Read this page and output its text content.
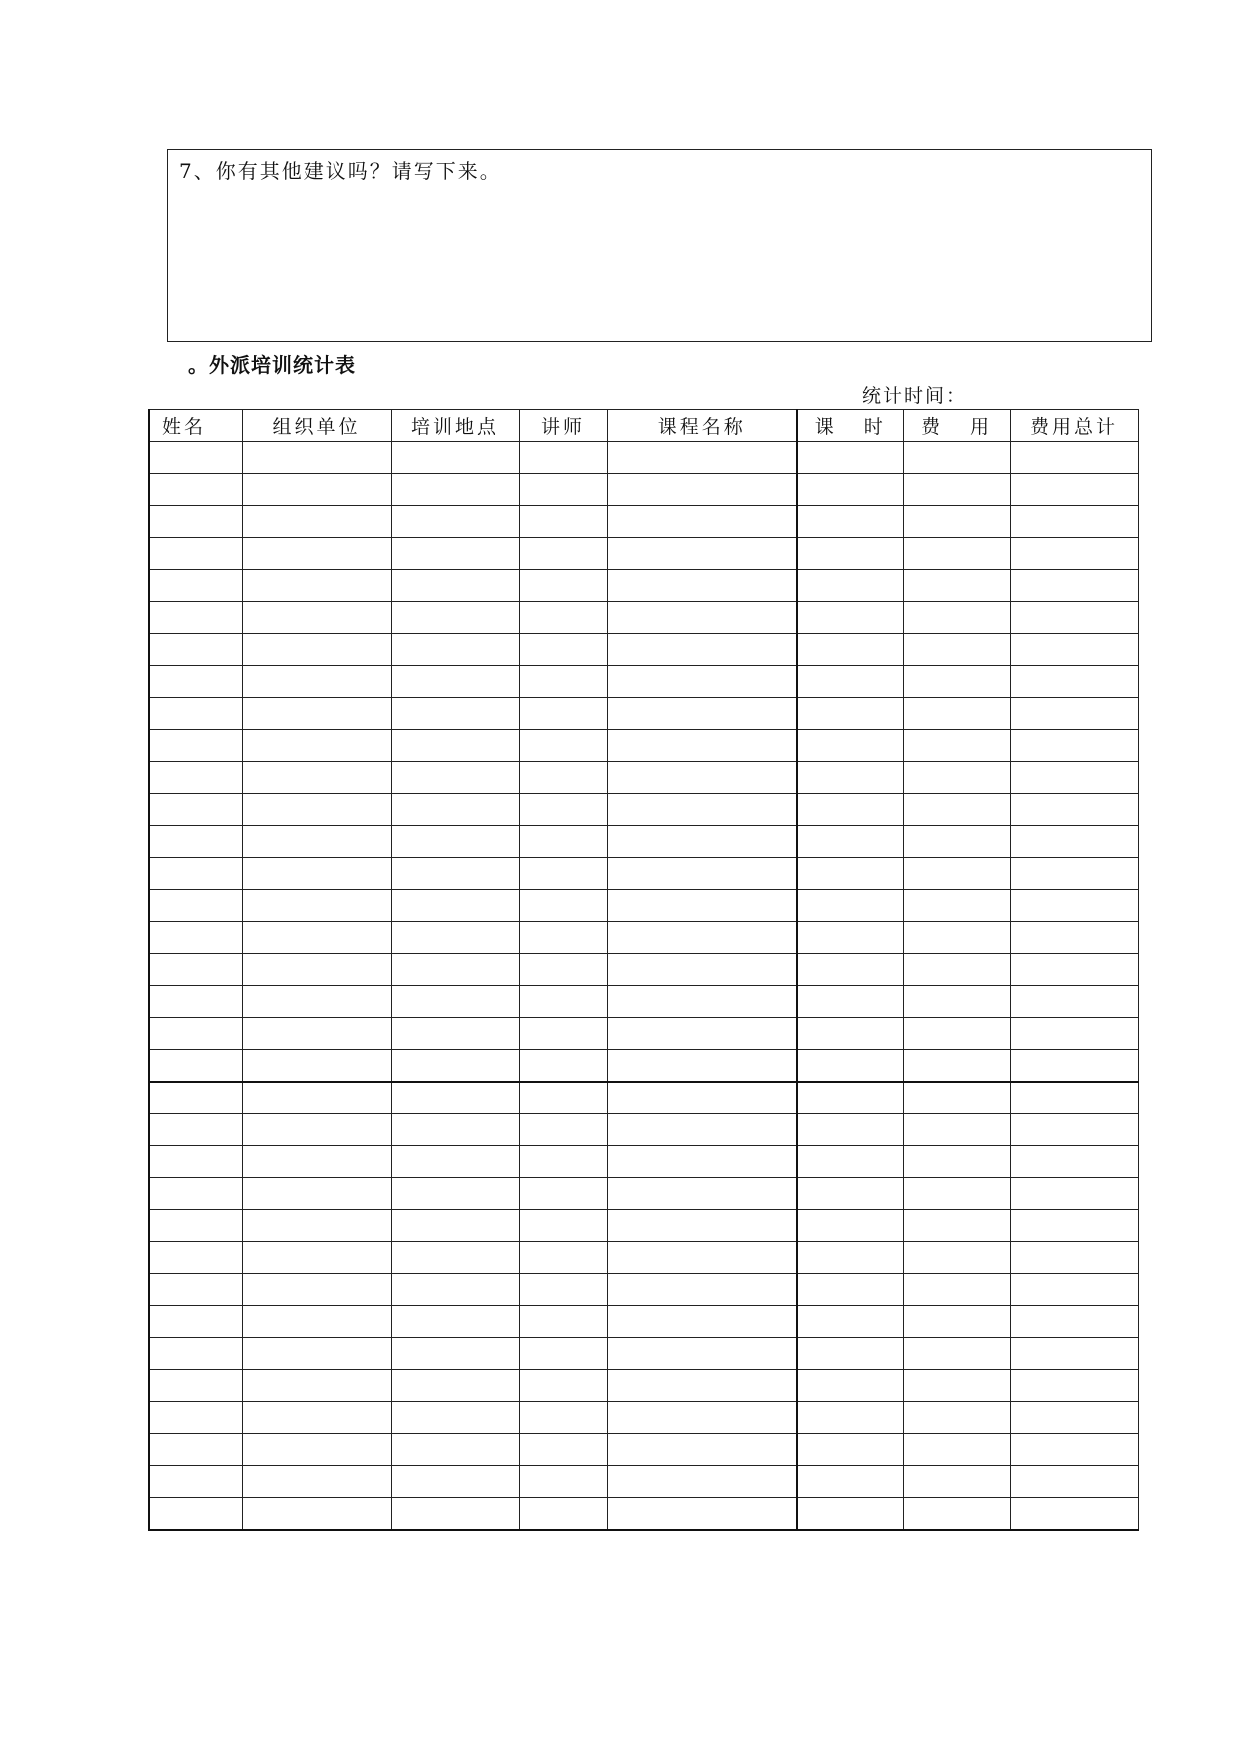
7、你有其他建议吗？请写下来。
。外派培训统计表
统计时间：
姓名	组织单位	培训地点	讲师	课程名称	课   时	费   用	费用总计
